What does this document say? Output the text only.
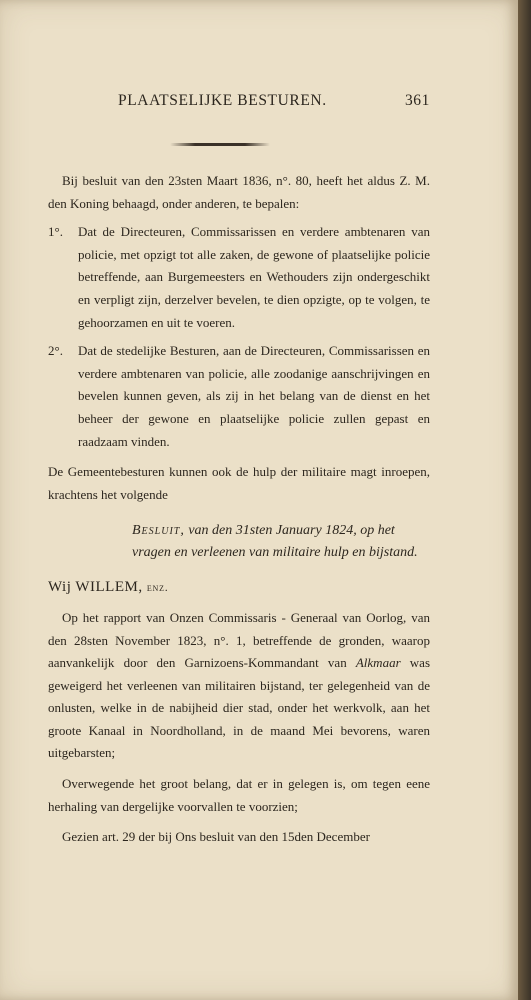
PLAATSELIJKE BESTUREN.	361

Bij besluit van den 23sten Maart 1836, n°. 80, heeft het aldus Z. M. den Koning behaagd, onder anderen, te bepalen:

1°. Dat de Directeuren, Commissarissen en verdere ambtenaren van policie, met opzigt tot alle zaken, de gewone of plaatselijke policie betreffende, aan Burgemeesters en Wethouders zijn ondergeschikt en verpligt zijn, derzelver bevelen, te dien opzigte, op te volgen, te gehoorzamen en uit te voeren.

2°. Dat de stedelijke Besturen, aan de Directeuren, Commissarissen en verdere ambtenaren van policie, alle zoodanige aanschrijvingen en bevelen kunnen geven, als zij in het belang van de dienst en het beheer der gewone en plaatselijke policie zullen gepast en raadzaam vinden.

De Gemeentebesturen kunnen ook de hulp der militaire magt inroepen, krachtens het volgende

Besluit, van den 31sten January 1824, op het vragen en verleenen van militaire hulp en bijstand.

Wij WILLEM, enz.

Op het rapport van Onzen Commissaris - Generaal van Oorlog, van den 28sten November 1823, n°. 1, betreffende de gronden, waarop aanvankelijk door den Garnizoens-Kommandant van Alkmaar was geweigerd het verleenen van militairen bijstand, ter gelegenheid van de onlusten, welke in de nabijheid dier stad, onder het werkvolk, aan het groote Kanaal in Noordholland, in de maand Mei bevorens, waren uitgebarsten;

Overwegende het groot belang, dat er in gelegen is, om tegen eene herhaling van dergelijke voorvallen te voorzien;

Gezien art. 29 der bij Ons besluit van den 15den December
